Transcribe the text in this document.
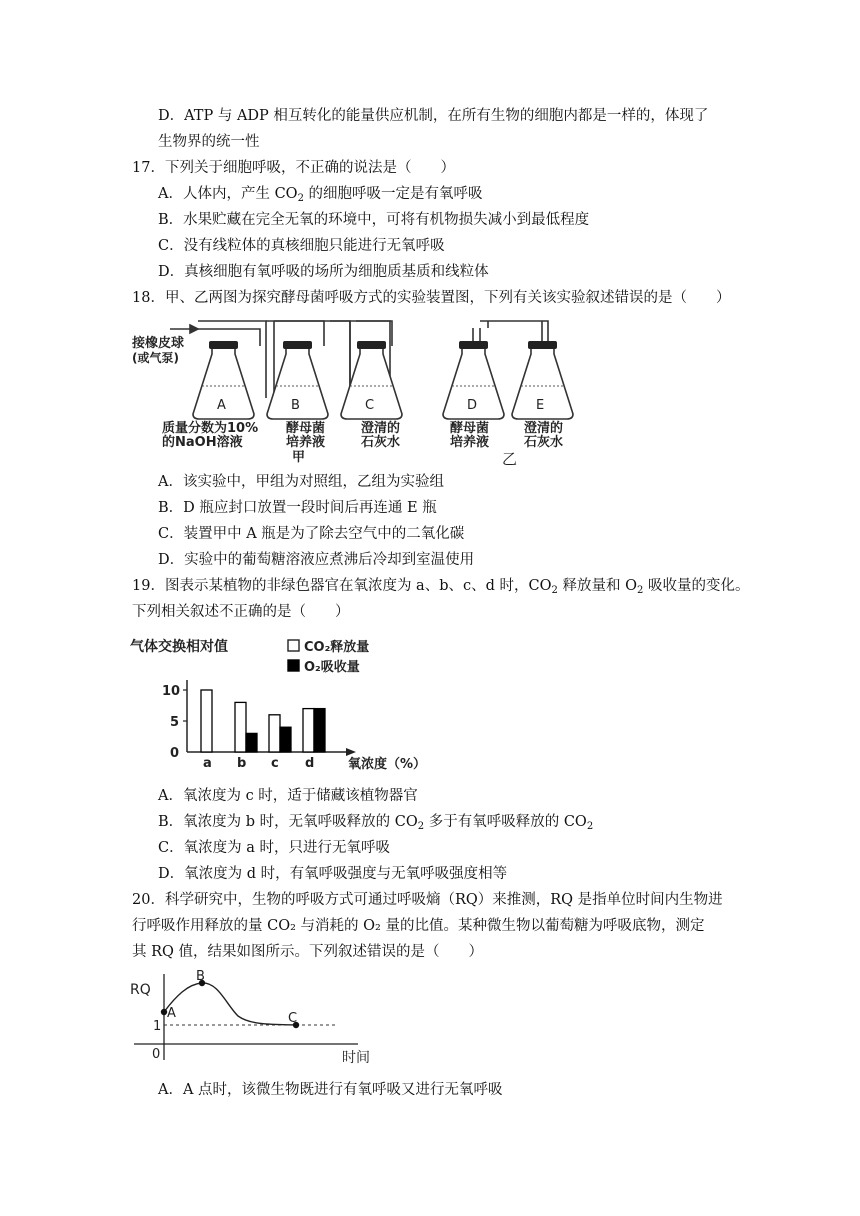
D．ATP 与 ADP 相互转化的能量供应机制，在所有生物的细胞内都是一样的，体现了
生物界的统一性
17．下列关于细胞呼吸，不正确的说法是（　　）
A．人体内，产生 $CO_2$ 的细胞呼吸一定是有氧呼吸
B．水果贮藏在完全无氧的环境中，可将有机物损失减小到最低程度
C．没有线粒体的真核细胞只能进行无氧呼吸
D．真核细胞有氧呼吸的场所为细胞质基质和线粒体
18．甲、乙两图为探究酵母菌呼吸方式的实验装置图，下列有关该实验叙述错误的是（　　）
接橡皮球
(或气泵)
A	B	C	D	E
质量分数为10%
的NaOH溶液
酵母菌
培养液
澄清的
石灰水
酵母菌
培养液
澄清的
石灰水
甲	乙
A．该实验中，甲组为对照组，乙组为实验组
B．D 瓶应封口放置一段时间后再连通 E 瓶
C．装置甲中 A 瓶是为了除去空气中的二氧化碳
D．实验中的葡萄糖溶液应煮沸后冷却到室温使用
19．图表示某植物的非绿色器官在氧浓度为 a、b、c、d 时，$CO_2$ 释放量和 $O_2$ 吸收量的变化。
下列相关叙述不正确的是（　　）
气体交换相对值	CO₂释放量
O₂吸收量
氧浓度（%）
0
5
10
a b c d
A．氧浓度为 c 时，适于储藏该植物器官
B．氧浓度为 b 时，无氧呼吸释放的 $CO_2$ 多于有氧呼吸释放的 $CO_2$
C．氧浓度为 a 时，只进行无氧呼吸
D．氧浓度为 d 时，有氧呼吸强度与无氧呼吸强度相等
20．科学研究中，生物的呼吸方式可通过呼吸熵（RQ）来推测，RQ 是指单位时间内生物进
行呼吸作用释放的量 CO₂ 与消耗的 O₂ 量的比值。某种微生物以葡萄糖为呼吸底物，测定
其 RQ 值，结果如图所示。下列叙述错误的是（　　）
RQ
时间
0
1
A
B
C
A．A 点时，该微生物既进行有氧呼吸又进行无氧呼吸
